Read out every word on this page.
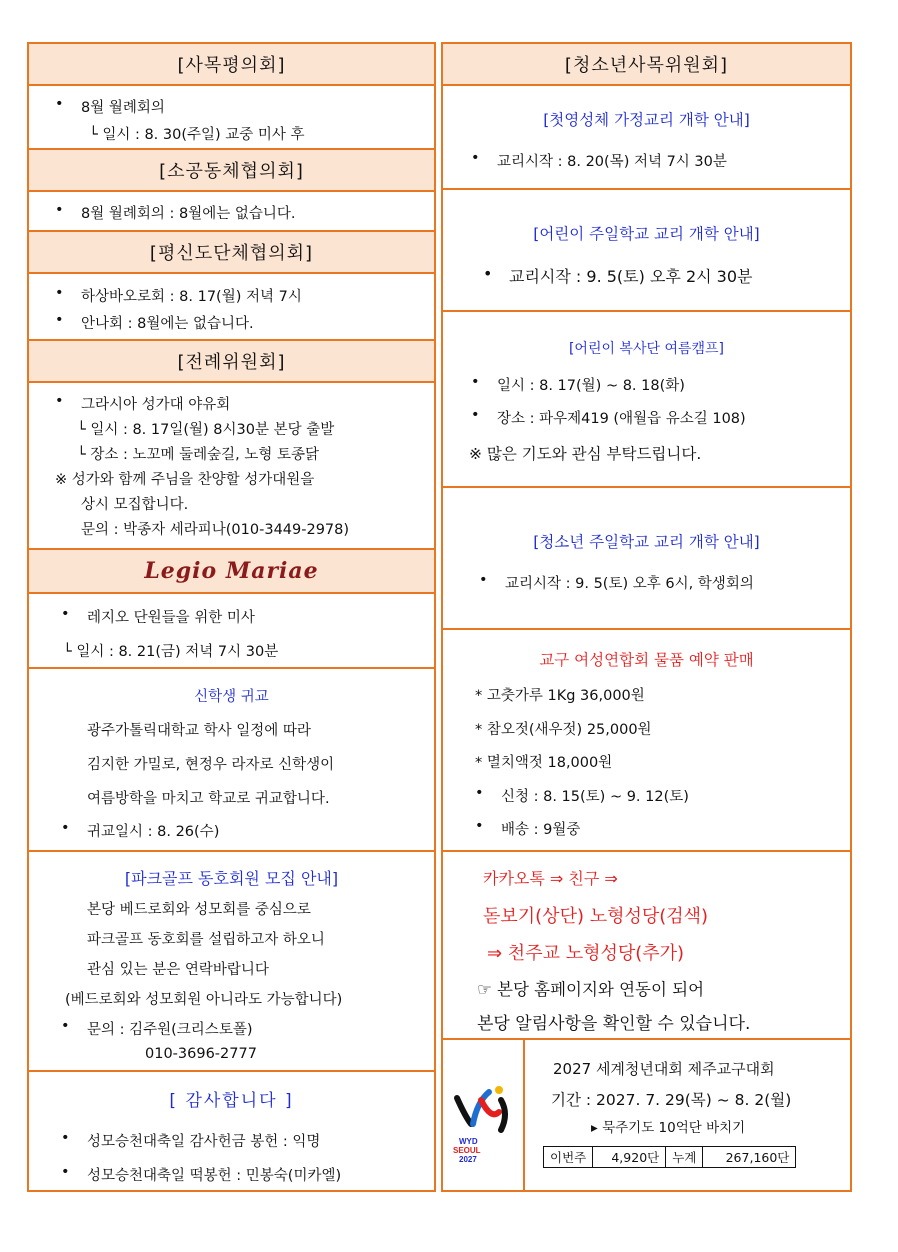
[사목평의회]
• 8월 월례회의
└ 일시 : 8. 30(주일) 교중 미사 후
[소공동체협의회]
• 8월 월례회의 : 8월에는 없습니다.
[평신도단체협의회]
• 하상바오로회 : 8. 17(월) 저녁 7시
• 안나회 : 8월에는 없습니다.
[전례위원회]
• 그라시아 성가대 야유회
└ 일시 : 8. 17일(월) 8시30분 본당 출발
└ 장소 : 노꼬메 둘레숲길, 노형 토종닭
※ 성가와 함께 주님을 찬양할 성가대원을
상시 모집합니다.
문의 : 박종자 세라피나(010-3449-2978)
Legio Mariae
• 레지오 단원들을 위한 미사
└ 일시 : 8. 21(금) 저녁 7시 30분
신학생 귀교
광주가톨릭대학교 학사 일정에 따라
김지한 가밀로, 현정우 라자로 신학생이
여름방학을 마치고 학교로 귀교합니다.
• 귀교일시 : 8. 26(수)
[파크골프 동호회원 모집 안내]
본당 베드로회와 성모회를 중심으로
파크골프 동호회를 설립하고자 하오니
관심 있는 분은 연락바랍니다
(베드로회와 성모회원 아니라도 가능합니다)
• 문의 : 김주원(크리스토폴)
010-3696-2777
[ 감사합니다 ]
• 성모승천대축일 감사헌금 봉헌 : 익명
• 성모승천대축일 떡봉헌 : 민봉숙(미카엘)
[청소년사목위원회]
[첫영성체 가정교리 개학 안내]
• 교리시작 : 8. 20(목) 저녁 7시 30분
[어린이 주일학교 교리 개학 안내]
• 교리시작 : 9. 5(토) 오후 2시 30분
[어린이 복사단 여름캠프]
• 일시 : 8. 17(월) ~ 8. 18(화)
• 장소 : 파우제419 (애월읍 유소길 108)
※ 많은 기도와 관심 부탁드립니다.
[청소년 주일학교 교리 개학 안내]
• 교리시작 : 9. 5(토) 오후 6시, 학생회의
교구 여성연합회 물품 예약 판매
* 고춧가루 1Kg 36,000원
* 참오젓(새우젓) 25,000원
* 멸치액젓 18,000원
• 신청 : 8. 15(토) ~ 9. 12(토)
• 배송 : 9월중
카카오톡 ⇒ 친구 ⇒
돋보기(상단) 노형성당(검색)
⇒ 천주교 노형성당(추가)
☞ 본당 홈페이지와 연동이 되어
본당 알림사항을 확인할 수 있습니다.
WYD
SEOUL
2027
2027 세계청년대회 제주교구대회
기간 : 2027. 7. 29(목) ~ 8. 2(월)
▸ 묵주기도 10억단 바치기
이번주	4,920단	누계	267,160단
